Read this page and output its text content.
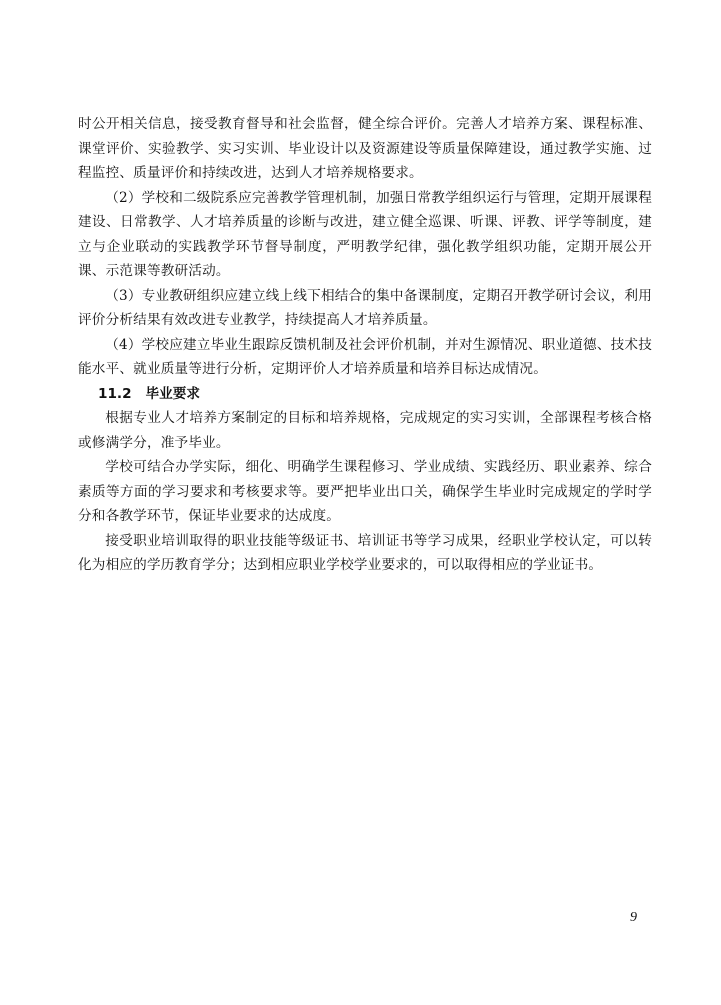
时公开相关信息，接受教育督导和社会监督，健全综合评价。完善人才培养方案、课程标准、课堂评价、实验教学、实习实训、毕业设计以及资源建设等质量保障建设，通过教学实施、过程监控、质量评价和持续改进，达到人才培养规格要求。

（2）学校和二级院系应完善教学管理机制，加强日常教学组织运行与管理，定期开展课程建设、日常教学、人才培养质量的诊断与改进，建立健全巡课、听课、评教、评学等制度，建立与企业联动的实践教学环节督导制度，严明教学纪律，强化教学组织功能，定期开展公开课、示范课等教研活动。

（3）专业教研组织应建立线上线下相结合的集中备课制度，定期召开教学研讨会议，利用评价分析结果有效改进专业教学，持续提高人才培养质量。

（4）学校应建立毕业生跟踪反馈机制及社会评价机制，并对生源情况、职业道德、技术技能水平、就业质量等进行分析，定期评价人才培养质量和培养目标达成情况。

11.2 毕业要求

根据专业人才培养方案制定的目标和培养规格，完成规定的实习实训，全部课程考核合格或修满学分，准予毕业。

学校可结合办学实际，细化、明确学生课程修习、学业成绩、实践经历、职业素养、综合素质等方面的学习要求和考核要求等。要严把毕业出口关，确保学生毕业时完成规定的学时学分和各教学环节，保证毕业要求的达成度。

接受职业培训取得的职业技能等级证书、培训证书等学习成果，经职业学校认定，可以转化为相应的学历教育学分；达到相应职业学校学业要求的，可以取得相应的学业证书。

9
